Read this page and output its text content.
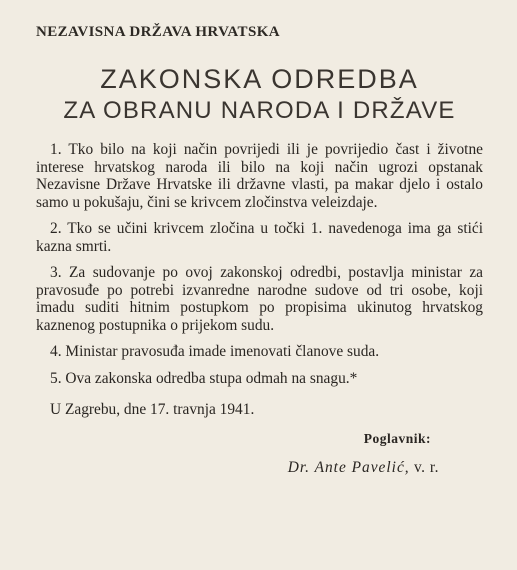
NEZAVISNA DRŽAVA HRVATSKA
ZAKONSKA ODREDBA
ZA OBRANU NARODA I DRŽAVE

1. Tko bilo na koji način povrijedi ili je povrijedio čast i životne interese hrvatskog naroda ili bilo na koji način ugrozi opstanak Nezavisne Države Hrvatske ili državne vlasti, pa makar djelo i ostalo samo u pokušaju, čini se krivcem zločinstva veleizdaje.

2. Tko se učini krivcem zločina u točki 1. navedenoga ima ga stići kazna smrti.

3. Za sudovanje po ovoj zakonskoj odredbi, postavlja ministar za pravosuđe po potrebi izvanredne narodne sudove od tri osobe, koji imadu suditi hitnim postupkom po propisima ukinutog hrvatskog kaznenog postupnika o prijekom sudu.

4. Ministar pravosuđa imade imenovati članove suda.

5. Ova zakonska odredba stupa odmah na snagu.*

U Zagrebu, dne 17. travnja 1941.
Poglavnik:
Dr. Ante Pavelić, v. r.
